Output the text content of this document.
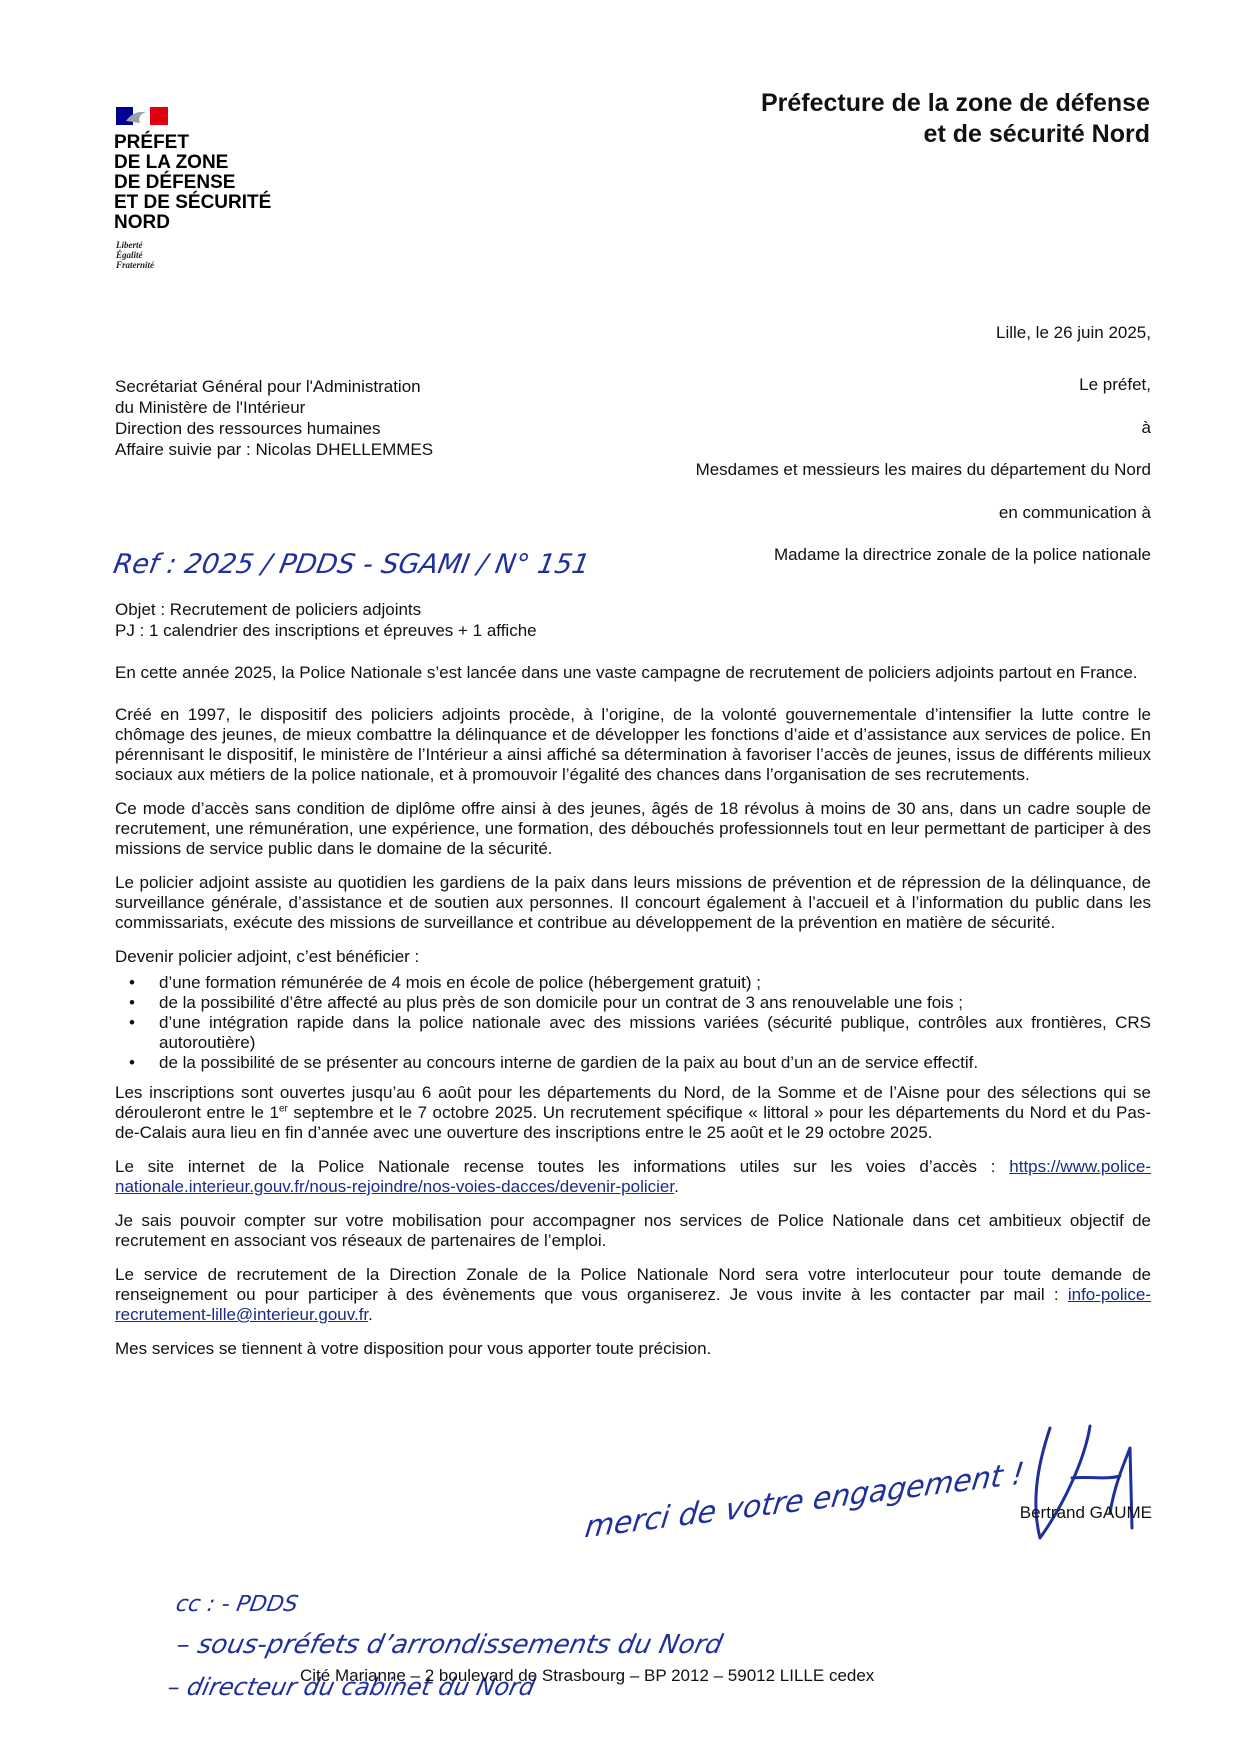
PRÉFET
DE LA ZONE
DE DÉFENSE
ET DE SÉCURITÉ
NORD
Liberté
Égalité
Fraternité
Préfecture de la zone de défense
et de sécurité Nord
Lille, le 26 juin 2025,
Secrétariat Général pour l'Administration
du Ministère de l'Intérieur
Direction des ressources humaines
Affaire suivie par : Nicolas DHELLEMMES
Le préfet,
à
Mesdames et messieurs les maires du département du Nord
en communication à
Madame la directrice zonale de la police nationale
Ref : 2025 / PDDS - SGAMI / N° 151
Objet : Recrutement de policiers adjoints
PJ : 1 calendrier des inscriptions et épreuves + 1 affiche

En cette année 2025, la Police Nationale s’est lancée dans une vaste campagne de recrutement de policiers adjoints partout en France.

Créé en 1997, le dispositif des policiers adjoints procède, à l’origine, de la volonté gouvernementale d’intensifier la lutte contre le chômage des jeunes, de mieux combattre la délinquance et de développer les fonctions d’aide et d’assistance aux services de police. En pérennisant le dispositif, le ministère de l’Intérieur a ainsi affiché sa détermination à favoriser l’accès de jeunes, issus de différents milieux sociaux aux métiers de la police nationale, et à promouvoir l’égalité des chances dans l’organisation de ses recrutements.

Ce mode d’accès sans condition de diplôme offre ainsi à des jeunes, âgés de 18 révolus à moins de 30 ans, dans un cadre souple de recrutement, une rémunération, une expérience, une formation, des débouchés professionnels tout en leur permettant de participer à des missions de service public dans le domaine de la sécurité.

Le policier adjoint assiste au quotidien les gardiens de la paix dans leurs missions de prévention et de répression de la délinquance, de surveillance générale, d’assistance et de soutien aux personnes. Il concourt également à l’accueil et à l’information du public dans les commissariats, exécute des missions de surveillance et contribue au développement de la prévention en matière de sécurité.

Devenir policier adjoint, c’est bénéficier :

• d’une formation rémunérée de 4 mois en école de police (hébergement gratuit) ;
• de la possibilité d’être affecté au plus près de son domicile pour un contrat de 3 ans renouvelable une fois ;
• d’une intégration rapide dans la police nationale avec des missions variées (sécurité publique, contrôles aux frontières, CRS autoroutière)
• de la possibilité de se présenter au concours interne de gardien de la paix au bout d’un an de service effectif.

Les inscriptions sont ouvertes jusqu’au 6 août pour les départements du Nord, de la Somme et de l’Aisne pour des sélections qui se dérouleront entre le 1er septembre et le 7 octobre 2025. Un recrutement spécifique « littoral » pour les départements du Nord et du Pas-de-Calais aura lieu en fin d’année avec une ouverture des inscriptions entre le 25 août et le 29 octobre 2025.

Le site internet de la Police Nationale recense toutes les informations utiles sur les voies d’accès : https://www.police-nationale.interieur.gouv.fr/nous-rejoindre/nos-voies-dacces/devenir-policier.

Je sais pouvoir compter sur votre mobilisation pour accompagner nos services de Police Nationale dans cet ambitieux objectif de recrutement en associant vos réseaux de partenaires de l’emploi.

Le service de recrutement de la Direction Zonale de la Police Nationale Nord sera votre interlocuteur pour toute demande de renseignement ou pour participer à des évènements que vous organiserez. Je vous invite à les contacter par mail : info-police-recrutement-lille@interieur.gouv.fr.

Mes services se tiennent à votre disposition pour vous apporter toute précision.

merci de votre engagement !
Bertrand GAUME
cc : - PDDS
– sous-préfets d’arrondissements du Nord
– directeur du cabinet du Nord
Cité Marianne – 2 boulevard de Strasbourg – BP 2012 – 59012 LILLE cedex
